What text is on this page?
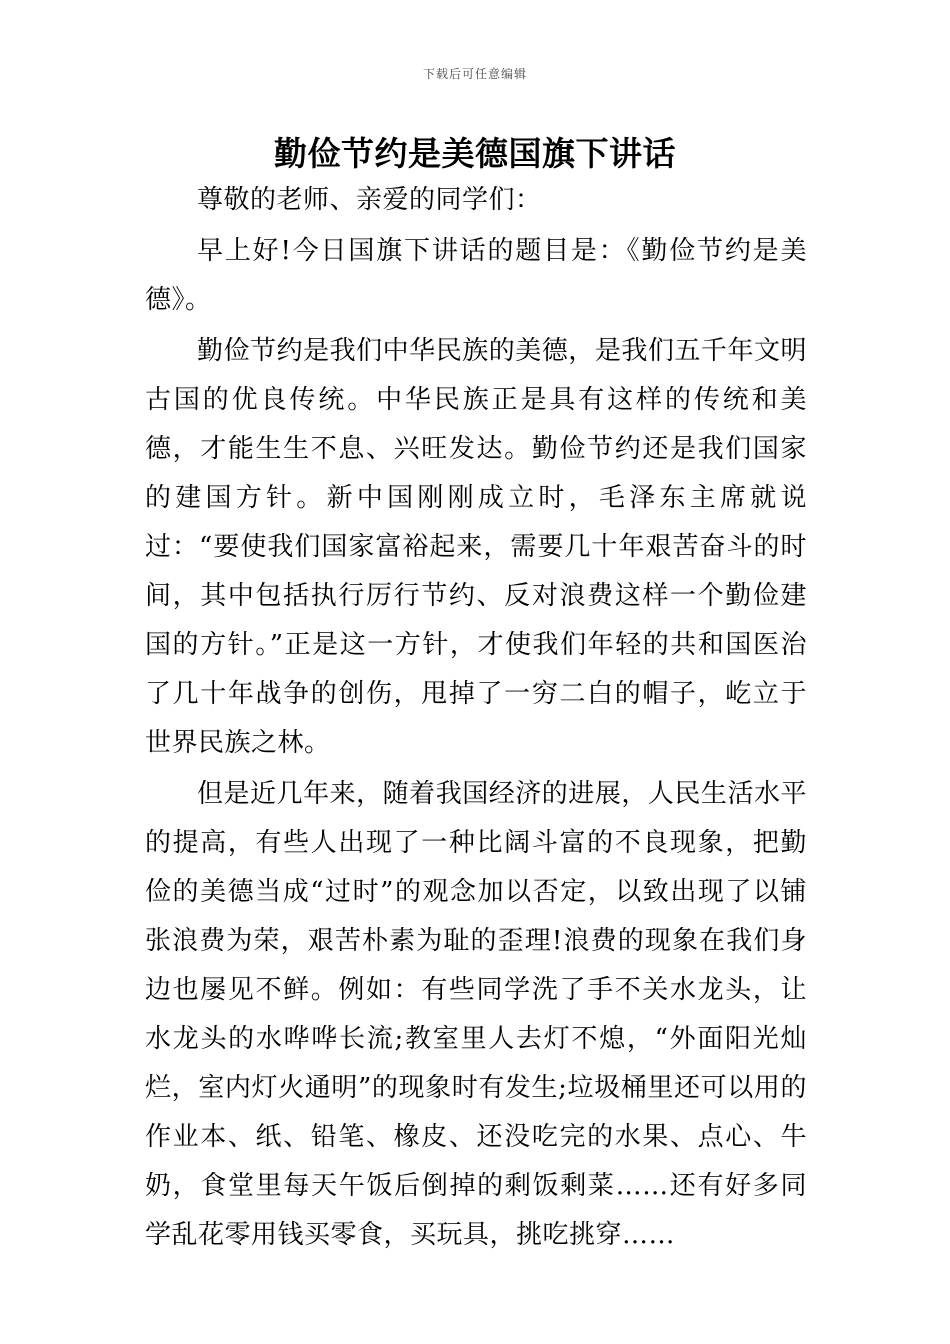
下载后可任意编辑
勤俭节约是美德国旗下讲话

尊敬的老师、亲爱的同学们：

早上好!今日国旗下讲话的题目是：《勤俭节约是美德》。

勤俭节约是我们中华民族的美德，是我们五千年文明古国的优良传统。中华民族正是具有这样的传统和美德，才能生生不息、兴旺发达。勤俭节约还是我们国家的建国方针。新中国刚刚成立时，毛泽东主席就说过：“要使我们国家富裕起来，需要几十年艰苦奋斗的时间，其中包括执行厉行节约、反对浪费这样一个勤俭建国的方针。”正是这一方针，才使我们年轻的共和国医治了几十年战争的创伤，甩掉了一穷二白的帽子，屹立于世界民族之林。

但是近几年来，随着我国经济的进展，人民生活水平的提高，有些人出现了一种比阔斗富的不良现象，把勤俭的美德当成“过时”的观念加以否定，以致出现了以铺张浪费为荣，艰苦朴素为耻的歪理!浪费的现象在我们身边也屡见不鲜。例如：有些同学洗了手不关水龙头，让水龙头的水哗哗长流;教室里人去灯不熄，“外面阳光灿烂，室内灯火通明”的现象时有发生;垃圾桶里还可以用的作业本、纸、铅笔、橡皮、还没吃完的水果、点心、牛奶，食堂里每天午饭后倒掉的剩饭剩菜……还有好多同学乱花零用钱买零食，买玩具，挑吃挑穿……
